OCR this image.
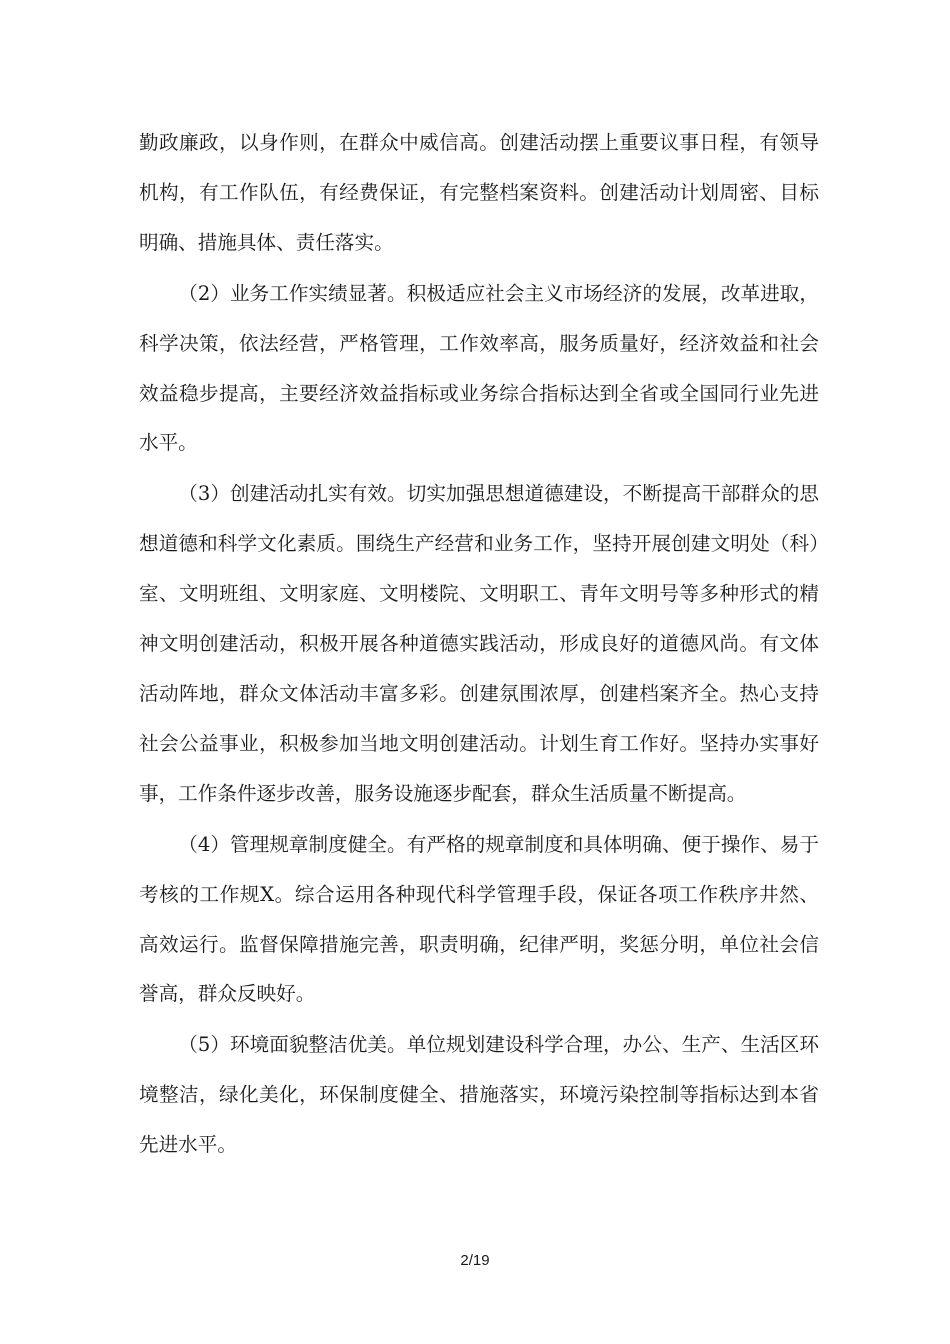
勤政廉政，以身作则，在群众中威信高。创建活动摆上重要议事日程，有领导机构，有工作队伍，有经费保证，有完整档案资料。创建活动计划周密、目标明确、措施具体、责任落实。

（2）业务工作实绩显著。积极适应社会主义市场经济的发展，改革进取，科学决策，依法经营，严格管理，工作效率高，服务质量好，经济效益和社会效益稳步提高，主要经济效益指标或业务综合指标达到全省或全国同行业先进水平。

（3）创建活动扎实有效。切实加强思想道德建设，不断提高干部群众的思想道德和科学文化素质。围绕生产经营和业务工作，坚持开展创建文明处（科）室、文明班组、文明家庭、文明楼院、文明职工、青年文明号等多种形式的精神文明创建活动，积极开展各种道德实践活动，形成良好的道德风尚。有文体活动阵地，群众文体活动丰富多彩。创建氛围浓厚，创建档案齐全。热心支持社会公益事业，积极参加当地文明创建活动。计划生育工作好。坚持办实事好事，工作条件逐步改善，服务设施逐步配套，群众生活质量不断提高。

（4）管理规章制度健全。有严格的规章制度和具体明确、便于操作、易于考核的工作规X。综合运用各种现代科学管理手段，保证各项工作秩序井然、高效运行。监督保障措施完善，职责明确，纪律严明，奖惩分明，单位社会信誉高，群众反映好。

（5）环境面貌整洁优美。单位规划建设科学合理，办公、生产、生活区环境整洁，绿化美化，环保制度健全、措施落实，环境污染控制等指标达到本省先进水平。

2/19
